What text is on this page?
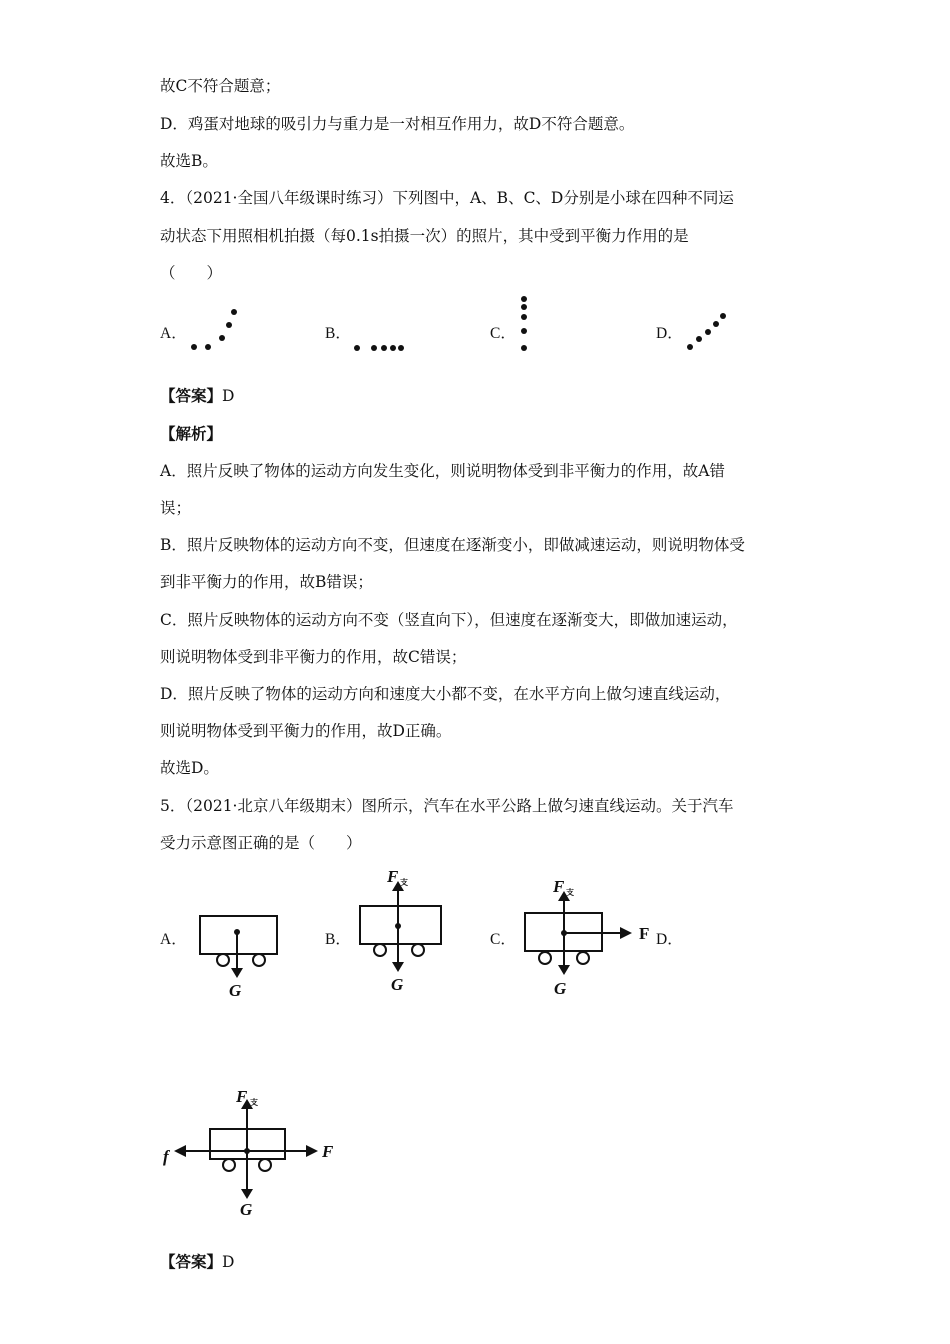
故C不符合题意；
D．鸡蛋对地球的吸引力与重力是一对相互作用力，故D不符合题意。
故选B。
4．（2021·全国八年级课时练习）下列图中，A、B、C、D分别是小球在四种不同运
动状态下用照相机拍摄（每0.1s拍摄一次）的照片，其中受到平衡力作用的是
（　　）
A．	B．	C．	D．
【答案】D
【解析】
A．照片反映了物体的运动方向发生变化，则说明物体受到非平衡力的作用，故A错
误；
B．照片反映物体的运动方向不变，但速度在逐渐变小，即做减速运动，则说明物体受
到非平衡力的作用，故B错误；
C．照片反映物体的运动方向不变（竖直向下），但速度在逐渐变大，即做加速运动，
则说明物体受到非平衡力的作用，故C错误；
D．照片反映了物体的运动方向和速度大小都不变，在水平方向上做匀速直线运动，
则说明物体受到平衡力的作用，故D正确。
故选D。
5．（2021·北京八年级期末）图所示，汽车在水平公路上做匀速直线运动。关于汽车
受力示意图正确的是（　　）
A．
G
B．
F 支
G
C．
F 支
F
G
D．
F 支
f	F
G
【答案】D
